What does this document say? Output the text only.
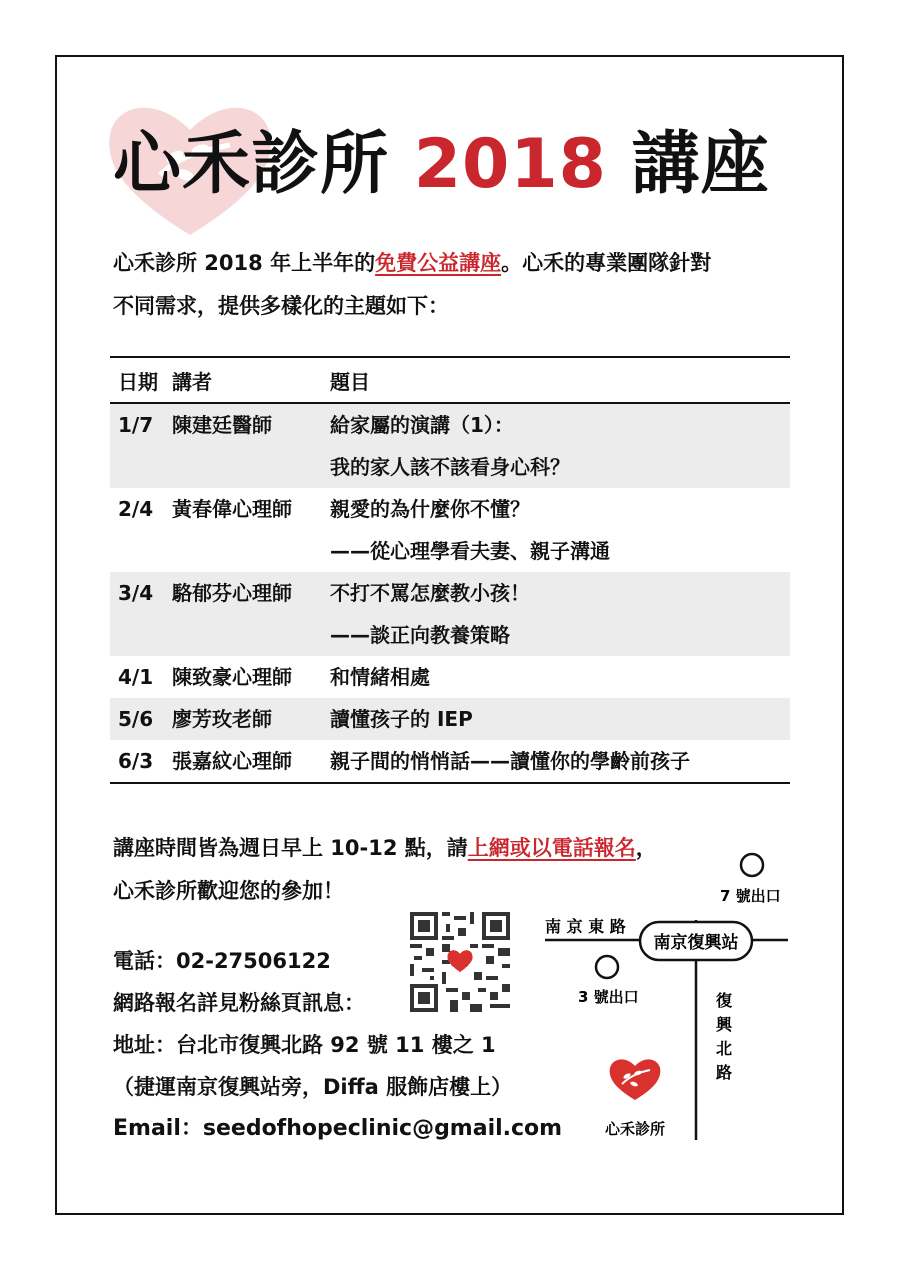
心禾診所 2018 講座
心禾診所 2018 年上半年的免費公益講座。心禾的專業團隊針對
不同需求，提供多樣化的主題如下：
日期 講者	題目
1/7 陳建廷醫師	給家屬的演講（1）：
我的家人該不該看身心科？
2/4 黃春偉心理師	親愛的為什麼你不懂？
——從心理學看夫妻、親子溝通
3/4 駱郁芬心理師	不打不罵怎麼教小孩！
——談正向教養策略
4/1 陳致豪心理師	和情緒相處
5/6 廖芳玫老師	讀懂孩子的 IEP
6/3 張嘉紋心理師	親子間的悄悄話——讀懂你的學齡前孩子
講座時間皆為週日早上 10-12 點，請上網或以電話報名，
心禾診所歡迎您的參加！
電話：02-27506122
網路報名詳見粉絲頁訊息：
地址：台北市復興北路 92 號 11 樓之 1
（捷運南京復興站旁，Diffa 服飾店樓上）
Email：seedofhopeclinic@gmail.com
7 號出口
南 京 東 路
南京復興站
3 號出口	復
興
北
路
心禾診所
